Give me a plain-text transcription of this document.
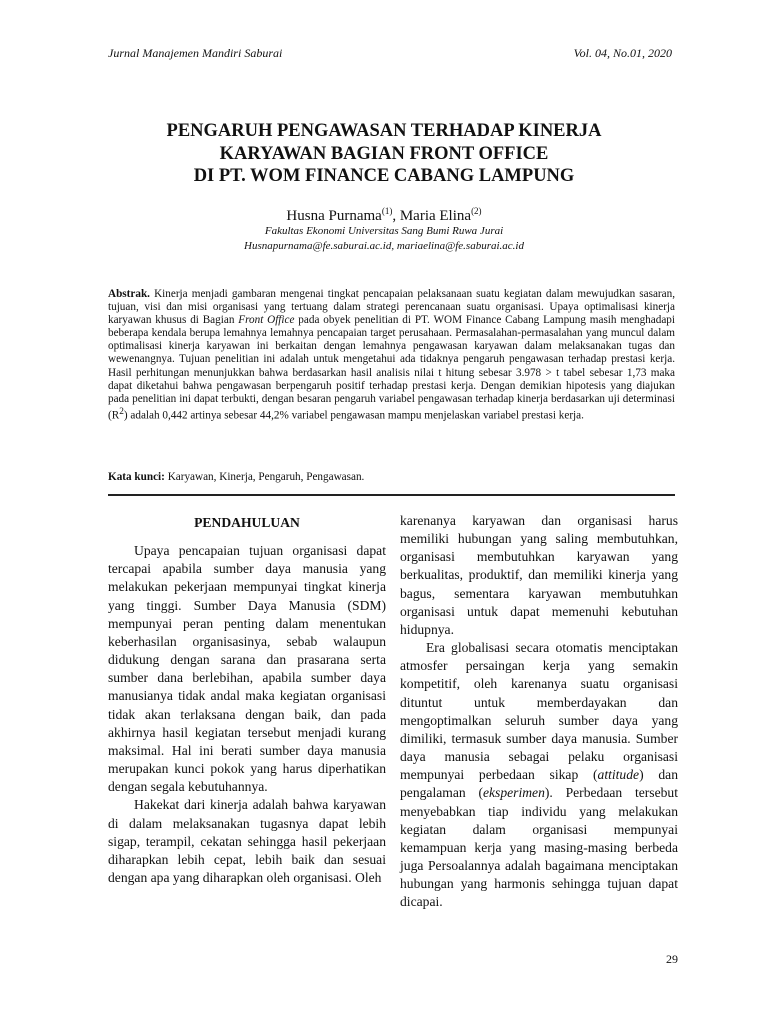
Jurnal Manajemen Mandiri Saburai	Vol. 04, No.01, 2020
PENGARUH PENGAWASAN TERHADAP KINERJA
KARYAWAN BAGIAN FRONT OFFICE
DI PT. WOM FINANCE CABANG LAMPUNG
Husna Purnama$^{(1)}$, Maria Elina$^{(2)}$
Fakultas Ekonomi Universitas Sang Bumi Ruwa Jurai
Husnapurnama@fe.saburai.ac.id, mariaelina@fe.saburai.ac.id
Abstrak. Kinerja menjadi gambaran mengenai tingkat pencapaian pelaksanaan suatu kegiatan dalam mewujudkan sasaran, tujuan, visi dan misi organisasi yang tertuang dalam strategi perencanaan suatu organisasi. Upaya optimalisasi kinerja karyawan khusus di Bagian Front Office pada obyek penelitian di PT. WOM Finance Cabang Lampung masih menghadapi beberapa kendala berupa lemahnya lemahnya pencapaian target perusahaan. Permasalahan-permasalahan yang muncul dalam optimalisasi kinerja karyawan ini berkaitan dengan lemahnya pengawasan karyawan dalam melaksanakan tugas dan wewenangnya. Tujuan penelitian ini adalah untuk mengetahui ada tidaknya pengaruh pengawasan terhadap prestasi kerja. Hasil perhitungan menunjukkan bahwa berdasarkan hasil analisis nilai t hitung sebesar 3.978 > t tabel sebesar 1,73 maka dapat diketahui bahwa pengawasan berpengaruh positif terhadap prestasi kerja. Dengan demikian hipotesis yang diajukan pada penelitian ini dapat terbukti, dengan besaran pengaruh variabel pengawasan terhadap kinerja berdasarkan uji determinasi $(R^2)$ adalah 0,442 artinya sebesar 44,2% variabel pengawasan mampu menjelaskan variabel prestasi kerja.
Kata kunci: Karyawan, Kinerja, Pengaruh, Pengawasan.
PENDAHULUAN

Upaya pencapaian tujuan organisasi dapat tercapai apabila sumber daya manusia yang melakukan pekerjaan mempunyai tingkat kinerja yang tinggi. Sumber Daya Manusia (SDM) mempunyai peran penting dalam menentukan keberhasilan organisasinya, sebab walaupun didukung dengan sarana dan prasarana serta sumber dana berlebihan, apabila sumber daya manusianya tidak andal maka kegiatan organisasi tidak akan terlaksana dengan baik, dan pada akhirnya hasil kegiatan tersebut menjadi kurang maksimal. Hal ini berati sumber daya manusia merupakan kunci pokok yang harus diperhatikan dengan segala kebutuhannya.

Hakekat dari kinerja adalah bahwa karyawan di dalam melaksanakan tugasnya dapat lebih sigap, terampil, cekatan sehingga hasil pekerjaan diharapkan lebih cepat, lebih baik dan sesuai dengan apa yang diharapkan oleh organisasi. Oleh

karenanya karyawan dan organisasi harus memiliki hubungan yang saling membutuhkan, organisasi membutuhkan karyawan yang berkualitas, produktif, dan memiliki kinerja yang bagus, sementara karyawan membutuhkan organisasi untuk dapat memenuhi kebutuhan hidupnya.

Era globalisasi secara otomatis menciptakan atmosfer persaingan kerja yang semakin kompetitif, oleh karenanya suatu organisasi dituntut untuk memberdayakan dan mengoptimalkan seluruh sumber daya yang dimiliki, termasuk sumber daya manusia. Sumber daya manusia sebagai pelaku organisasi mempunyai perbedaan sikap (attitude) dan pengalaman (eksperimen). Perbedaan tersebut menyebabkan tiap individu yang melakukan kegiatan dalam organisasi mempunyai kemampuan kerja yang masing-masing berbeda juga Persoalannya adalah bagaimana menciptakan hubungan yang harmonis sehingga tujuan dapat dicapai.

29
